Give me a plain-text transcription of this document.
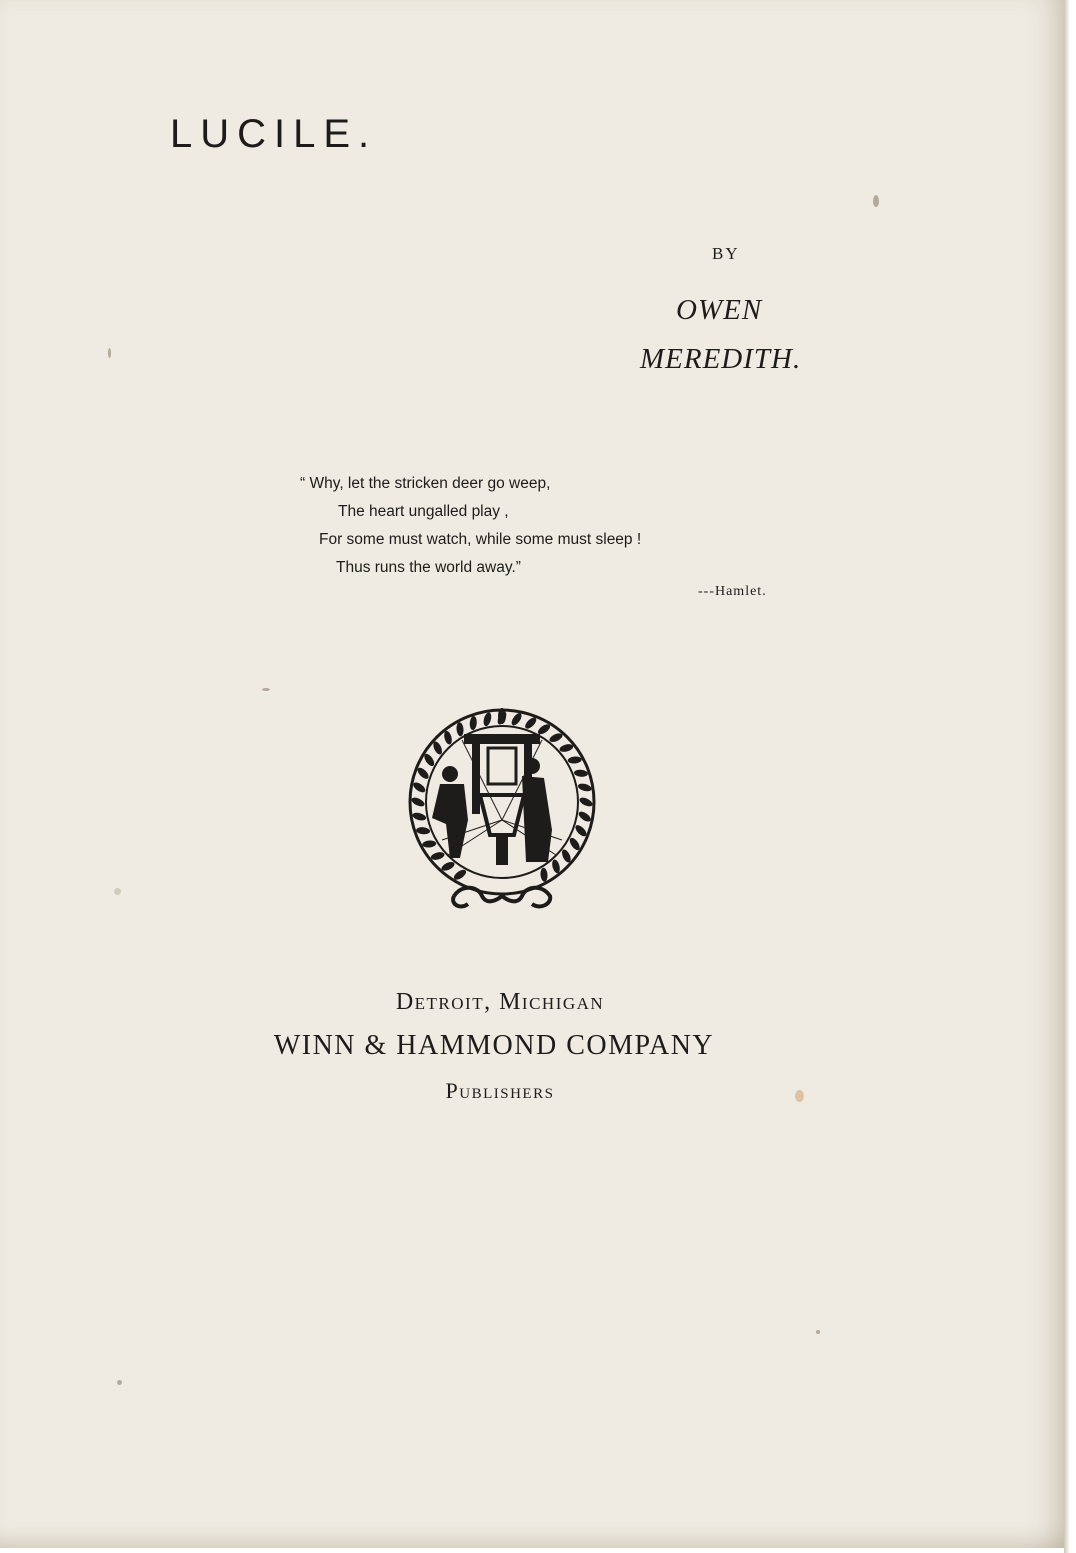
LUCILE.
BY
OWEN
MEREDITH.
“ Why, let the stricken deer go weep,
The heart ungalled play ,
For some must watch, while some must sleep !
Thus runs the world away.”
---Hamlet.
Detroit, Michigan
WINN & HAMMOND COMPANY
Publishers
